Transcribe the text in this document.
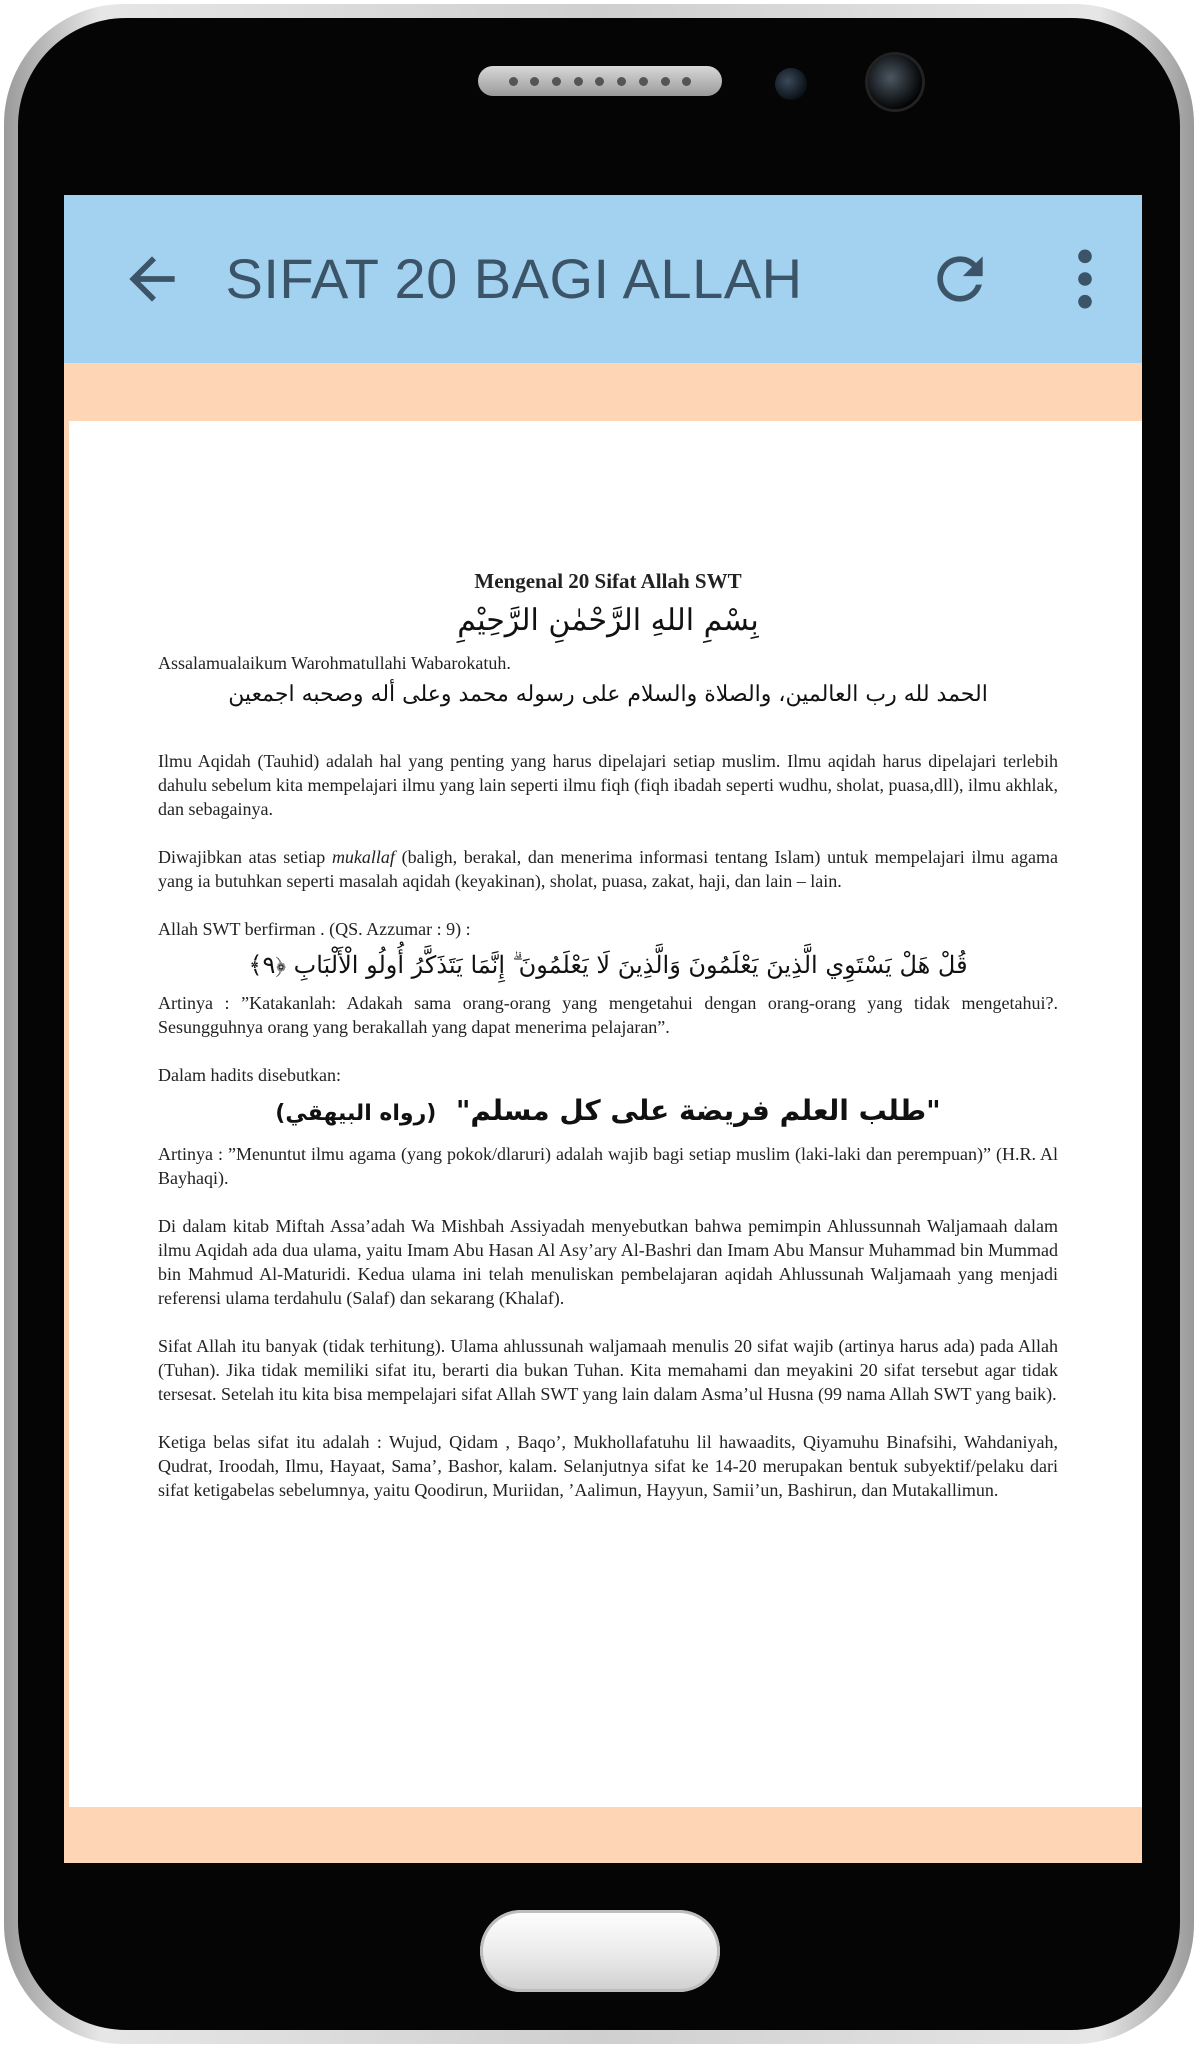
SIFAT 20 BAGI ALLAH

Mengenal 20 Sifat Allah SWT

بِسْمِ اللهِ الرَّحْمٰنِ الرَّحِيْمِ

Assalamualaikum Warohmatullahi Wabarokatuh.

الحمد لله رب العالمين، والصلاة والسلام على رسوله محمد وعلى أله وصحبه اجمعين

Ilmu Aqidah (Tauhid) adalah hal yang penting yang harus dipelajari setiap muslim. Ilmu aqidah harus dipelajari terlebih dahulu sebelum kita mempelajari ilmu yang lain seperti ilmu fiqh (fiqh ibadah seperti wudhu, sholat, puasa,dll), ilmu akhlak, dan sebagainya.

Diwajibkan atas setiap mukallaf (baligh, berakal, dan menerima informasi tentang Islam) untuk mempelajari ilmu agama yang ia butuhkan seperti masalah aqidah (keyakinan), sholat, puasa, zakat, haji, dan lain – lain.

Allah SWT berfirman . (QS. Azzumar : 9) :

قُلْ هَلْ يَسْتَوِي الَّذِينَ يَعْلَمُونَ وَالَّذِينَ لَا يَعْلَمُونَ ۗ إِنَّمَا يَتَذَكَّرُ أُولُو الْأَلْبَابِ ﴿٩﴾

Artinya : ”Katakanlah: Adakah sama orang-orang yang mengetahui dengan orang-orang yang tidak mengetahui?. Sesungguhnya orang yang berakallah yang dapat menerima pelajaran”.

Dalam hadits disebutkan:

"طلب العلم فريضة على كل مسلم"  (رواه البيهقي)

Artinya : ”Menuntut ilmu agama (yang pokok/dlaruri) adalah wajib bagi setiap muslim (laki-laki dan perempuan)” (H.R. Al Bayhaqi).

Di dalam kitab Miftah Assa’adah Wa Mishbah Assiyadah menyebutkan bahwa pemimpin Ahlussunnah Waljamaah dalam ilmu Aqidah ada dua ulama, yaitu Imam Abu Hasan Al Asy’ary Al-Bashri dan Imam Abu Mansur Muhammad bin Mummad bin Mahmud Al-Maturidi. Kedua ulama ini telah menuliskan pembelajaran aqidah Ahlussunah Waljamaah yang menjadi referensi ulama terdahulu (Salaf) dan sekarang (Khalaf).

Sifat Allah itu banyak (tidak terhitung). Ulama ahlussunah waljamaah menulis 20 sifat wajib (artinya harus ada) pada Allah (Tuhan). Jika tidak memiliki sifat itu, berarti dia bukan Tuhan. Kita memahami dan meyakini 20 sifat tersebut agar tidak tersesat. Setelah itu kita bisa mempelajari sifat Allah SWT yang lain dalam Asma’ul Husna (99 nama Allah SWT yang baik).

Ketiga belas sifat itu adalah : Wujud, Qidam , Baqo’, Mukhollafatuhu lil hawaadits, Qiyamuhu Binafsihi, Wahdaniyah, Qudrat, Iroodah, Ilmu, Hayaat, Sama’, Bashor, kalam. Selanjutnya sifat ke 14-20 merupakan bentuk subyektif/pelaku dari sifat ketigabelas sebelumnya, yaitu Qoodirun, Muriidan, ’Aalimun, Hayyun, Samii’un, Bashirun, dan Mutakallimun.
